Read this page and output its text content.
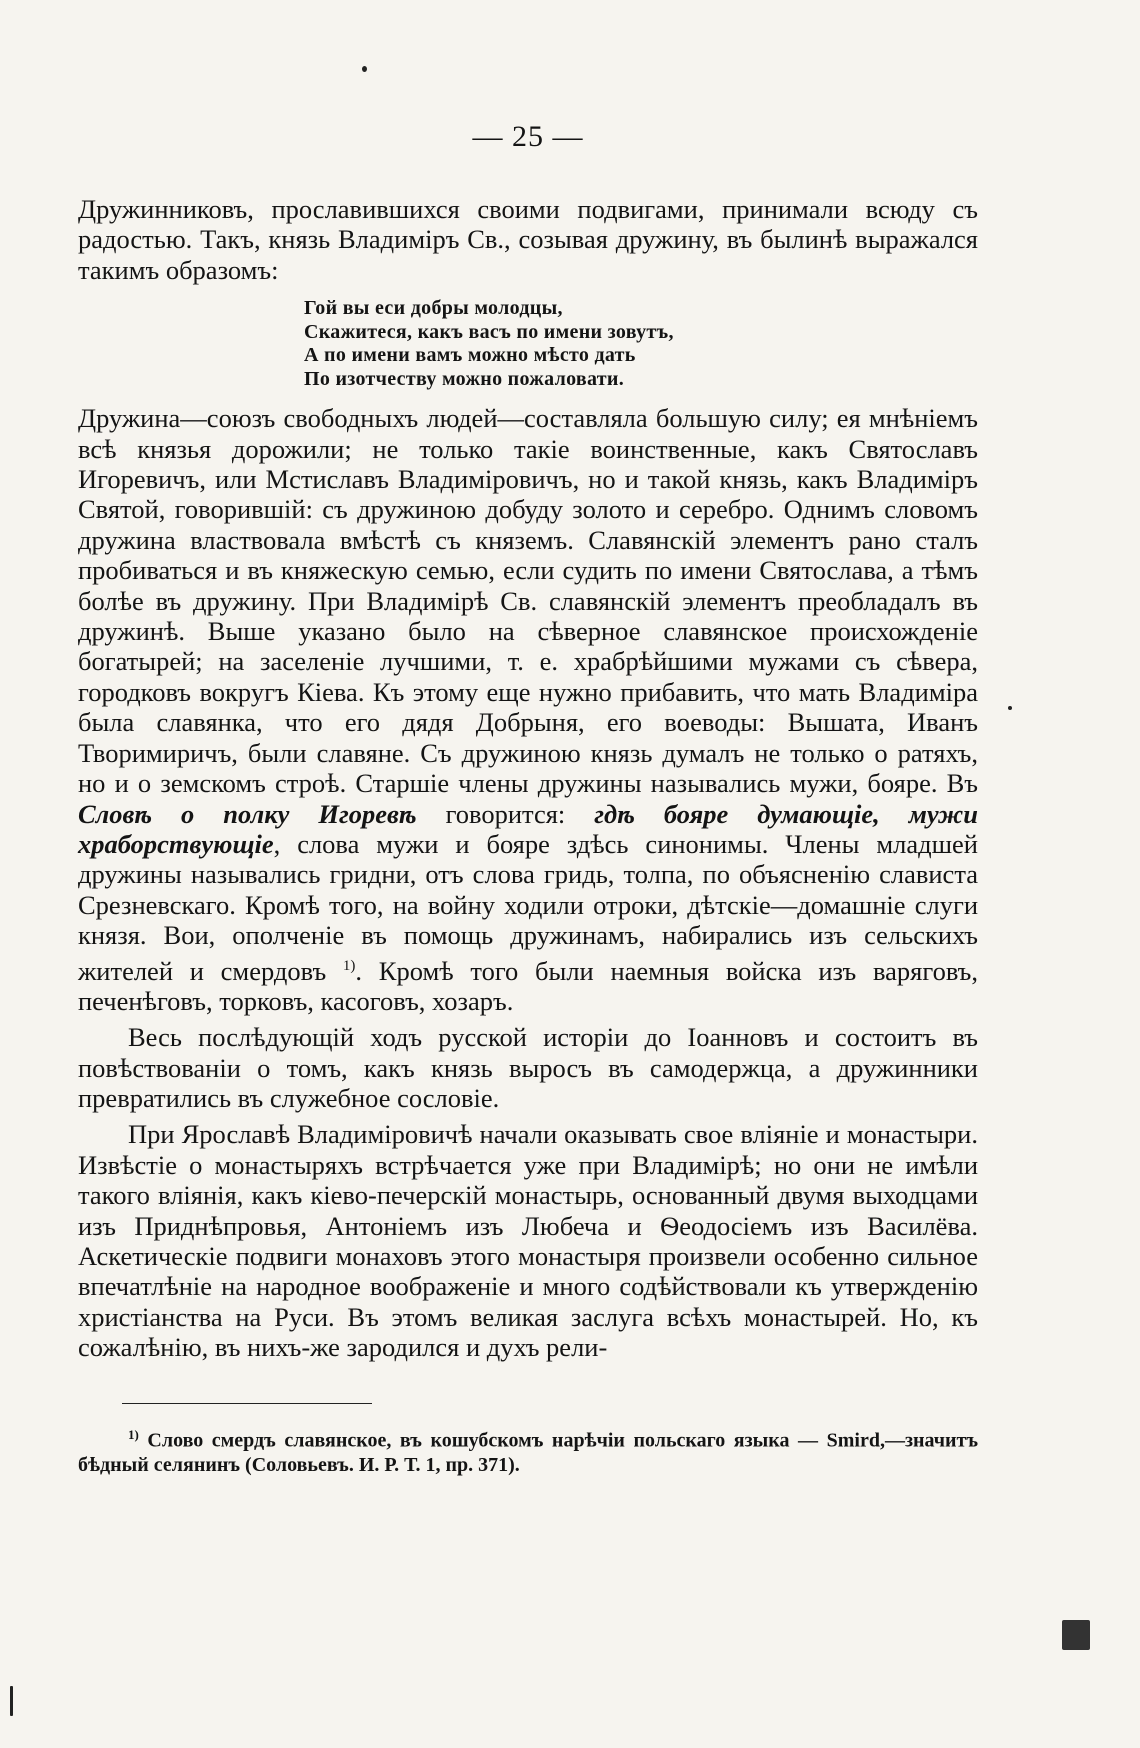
— 25 —

Дружинниковъ, прославившихся своими подвигами, принимали всюду съ радостью. Такъ, князь Владиміръ Св., созывая дружину, въ былинѣ выражался такимъ образомъ:

Гой вы еси добры молодцы,
Скажитеся, какъ васъ по имени зовутъ,
А по имени вамъ можно мѣсто дать
По изотчеству можно пожаловати.

Дружина—союзъ свободныхъ людей—составляла большую силу; ея мнѣніемъ всѣ князья дорожили; не только такіе воинственные, какъ Святославъ Игоревичъ, или Мстиславъ Владиміровичъ, но и такой князь, какъ Владиміръ Святой, говорившій: съ дружиною добуду золото и серебро. Однимъ словомъ дружина властвовала вмѣстѣ съ княземъ. Славянскій элементъ рано сталъ пробиваться и въ княжескую семью, если судить по имени Святослава, а тѣмъ болѣе въ дружину. При Владимірѣ Св. славянскій элементъ преобладалъ въ дружинѣ. Выше указано было на сѣверное славянское происхожденіе богатырей; на заселеніе лучшими, т. е. храбрѣйшими мужами съ сѣвера, городковъ вокругъ Кіева. Къ этому еще нужно прибавить, что мать Владиміра была славянка, что его дядя Добрыня, его воеводы: Вышата, Иванъ Творимиричъ, были славяне. Съ дружиною князь думалъ не только о ратяхъ, но и о земскомъ строѣ. Старшіе члены дружины назывались мужи, бояре. Въ Словѣ о полку Игоревѣ говорится: гдѣ бояре думающіе, мужи храборствующіе, слова мужи и бояре здѣсь синонимы. Члены младшей дружины назывались гридни, отъ слова гридь, толпа, по объясненію слависта Срезневскаго. Кромѣ того, на войну ходили отроки, дѣтскіе—домашніе слуги князя. Вои, ополченіе въ помощь дружинамъ, набирались изъ сельскихъ жителей и смердовъ $^{1)}$. Кромѣ того были наемныя войска изъ варяговъ, печенѣговъ, торковъ, касоговъ, хозаръ.

Весь послѣдующій ходъ русской исторіи до Іоанновъ и состоитъ въ повѣствованіи о томъ, какъ князь выросъ въ самодержца, а дружинники превратились въ служебное сословіе.

При Ярославѣ Владиміровичѣ начали оказывать свое вліяніе и монастыри. Извѣстіе о монастыряхъ встрѣчается уже при Владимірѣ; но они не имѣли такого вліянія, какъ кіево-печерскій монастырь, основанный двумя выходцами изъ Приднѣпровья, Антоніемъ изъ Любеча и Ѳеодосіемъ изъ Василёва. Аскетическіе подвиги монаховъ этого монастыря произвели особенно сильное впечатлѣніе на народное воображеніе и много содѣйствовали къ утвержденію христіанства на Руси. Въ этомъ великая заслуга всѣхъ монастырей. Но, къ сожалѣнію, въ нихъ-же зародился и духъ рели-

$^{1)}$ Слово смердъ славянское, въ кошубскомъ нарѣчіи польскаго языка — Smird,—значитъ бѣдный селянинъ (Соловьевъ. И. Р. Т. 1, пр. 371).
